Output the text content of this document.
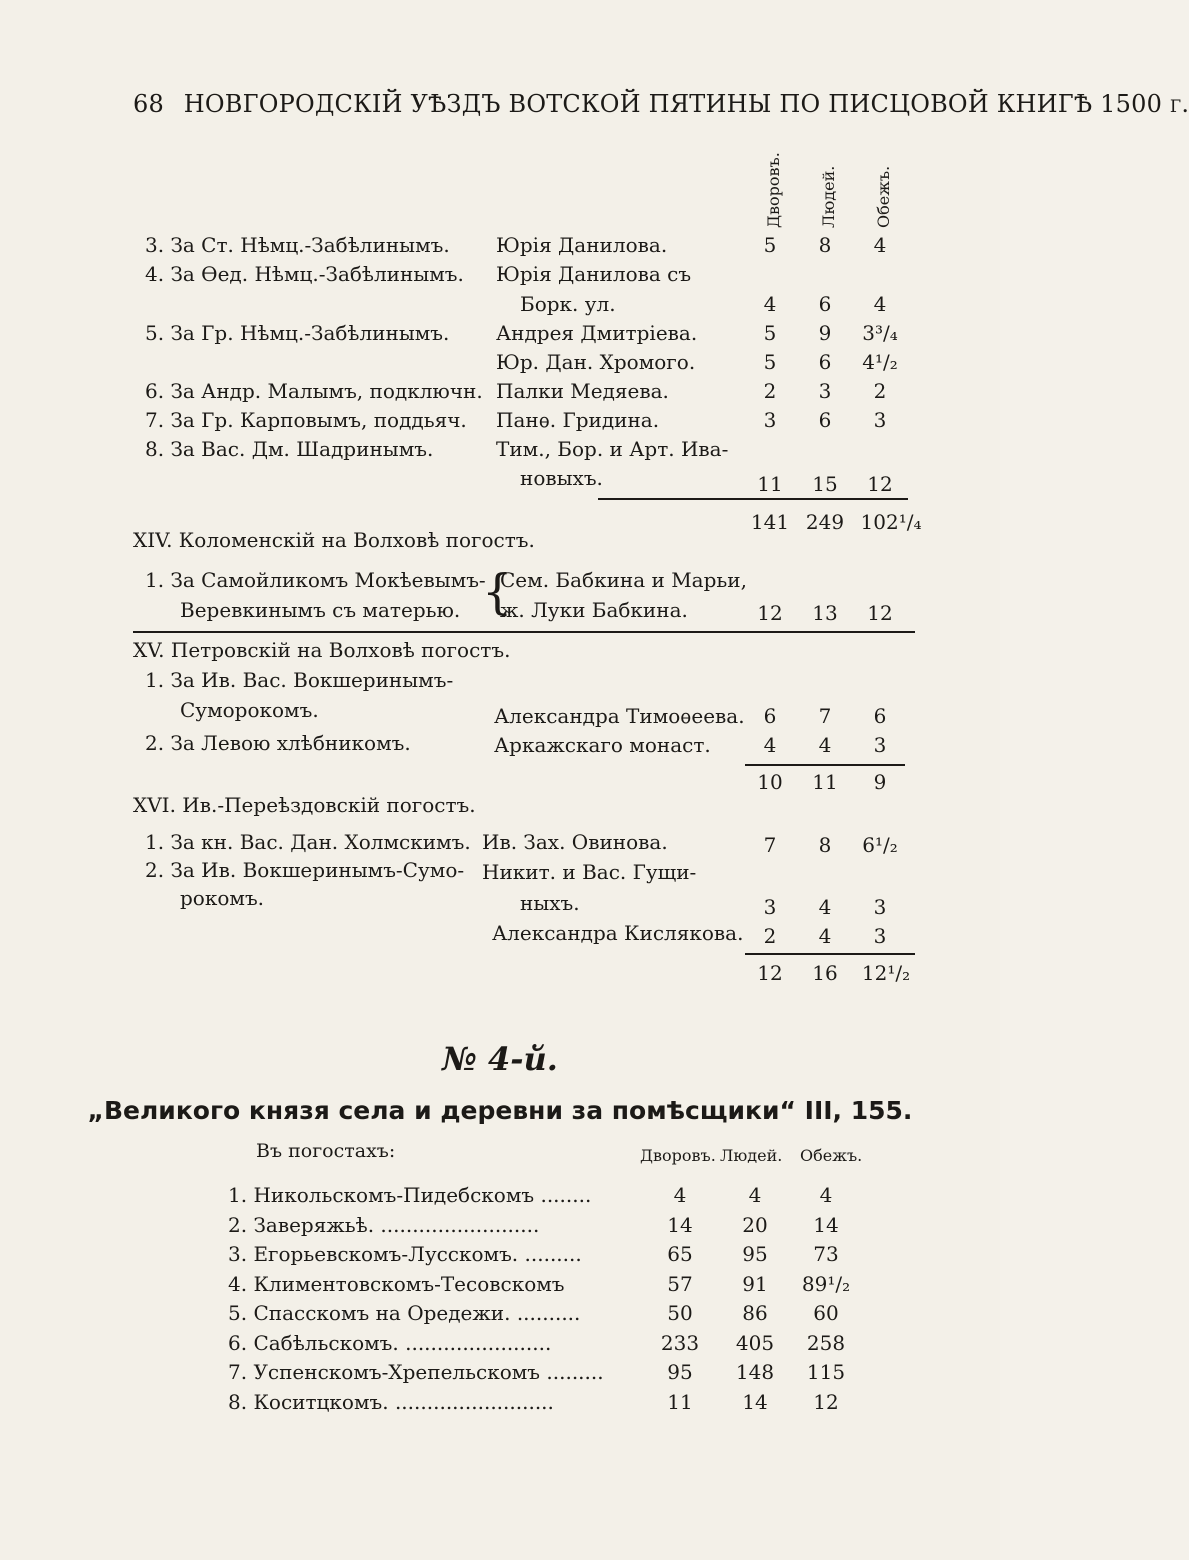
68 НОВГОРОДСКІЙ УѢЗДЪ ВОТСКОЙ ПЯТИНЫ ПО ПИСЦОВОЙ КНИГѢ 1500 г.
Дворовъ. Людей. Обежъ.
3. За Ст. Нѣмц.-Забѣлинымъ. Юрія Данилова.	5	8	4
4. За Ѳед. Нѣмц.-Забѣлинымъ. Юрія Данилова съ
Борк. ул.	4	6	4
5. За Гр. Нѣмц.-Забѣлинымъ. Андрея Дмитріева.	5	9	3³/₄
Юр. Дан. Хромого.	5	6	4¹/₂
6. За Андр. Малымъ, подключн. Палки Медяева.	2	3	2
7. За Гр. Карповымъ, поддьяч. Панѳ. Гридина.	3	6	3
8. За Вас. Дм. Шадринымъ.	Тим., Бор. и Арт. Ива-
новыхъ.	11	15	12
141 249 102¹/₄
XIV. Коломенскій на Волховѣ погостъ.
1. За Самойликомъ Мокѣевымъ-
Веревкинымъ съ матерью. {
Сем. Бабкина и Марьи,
ж. Луки Бабкина.	12	13	12
XV. Петровскій на Волховѣ погостъ.
1. За Ив. Вас. Вокшеринымъ-
Суморокомъ.	Александра Тимоѳеева. 6	7	6
2. За Левою хлѣбникомъ.	Аркажскаго монаст.	4	4	3
10	11	9
XVI. Ив.-Переѣздовскій погостъ.
1. За кн. Вас. Дан. Холмскимъ. Ив. Зах. Овинова.	7	8	6¹/₂
2. За Ив. Вокшеринымъ-Сумо-
рокомъ.
Никит. и Вас. Гущи-
ныхъ.	3	4	3
Александра Кислякова.	2	4	3
12	16	12¹/₂
№ 4-й.
„Великого князя села и деревни за помѣсщики“ III, 155.
Въ погостахъ:	Дворовъ. Людей. Обежъ.
1. Никольскомъ-Пидебскомъ ........	4	4	4
2. Заверяжьѣ. .........................	14	20	14
3. Егорьевскомъ-Лусскомъ. .........	65	95	73
4. Климентовскомъ-Тесовскомъ	57	91	89¹/₂
5. Спасскомъ на Оредежи. ..........	50	86	60
6. Сабѣльскомъ. .......................	233	405	258
7. Успенскомъ-Хрепельскомъ .........	95	148	115
8. Коситцкомъ. .........................	11	14	12
